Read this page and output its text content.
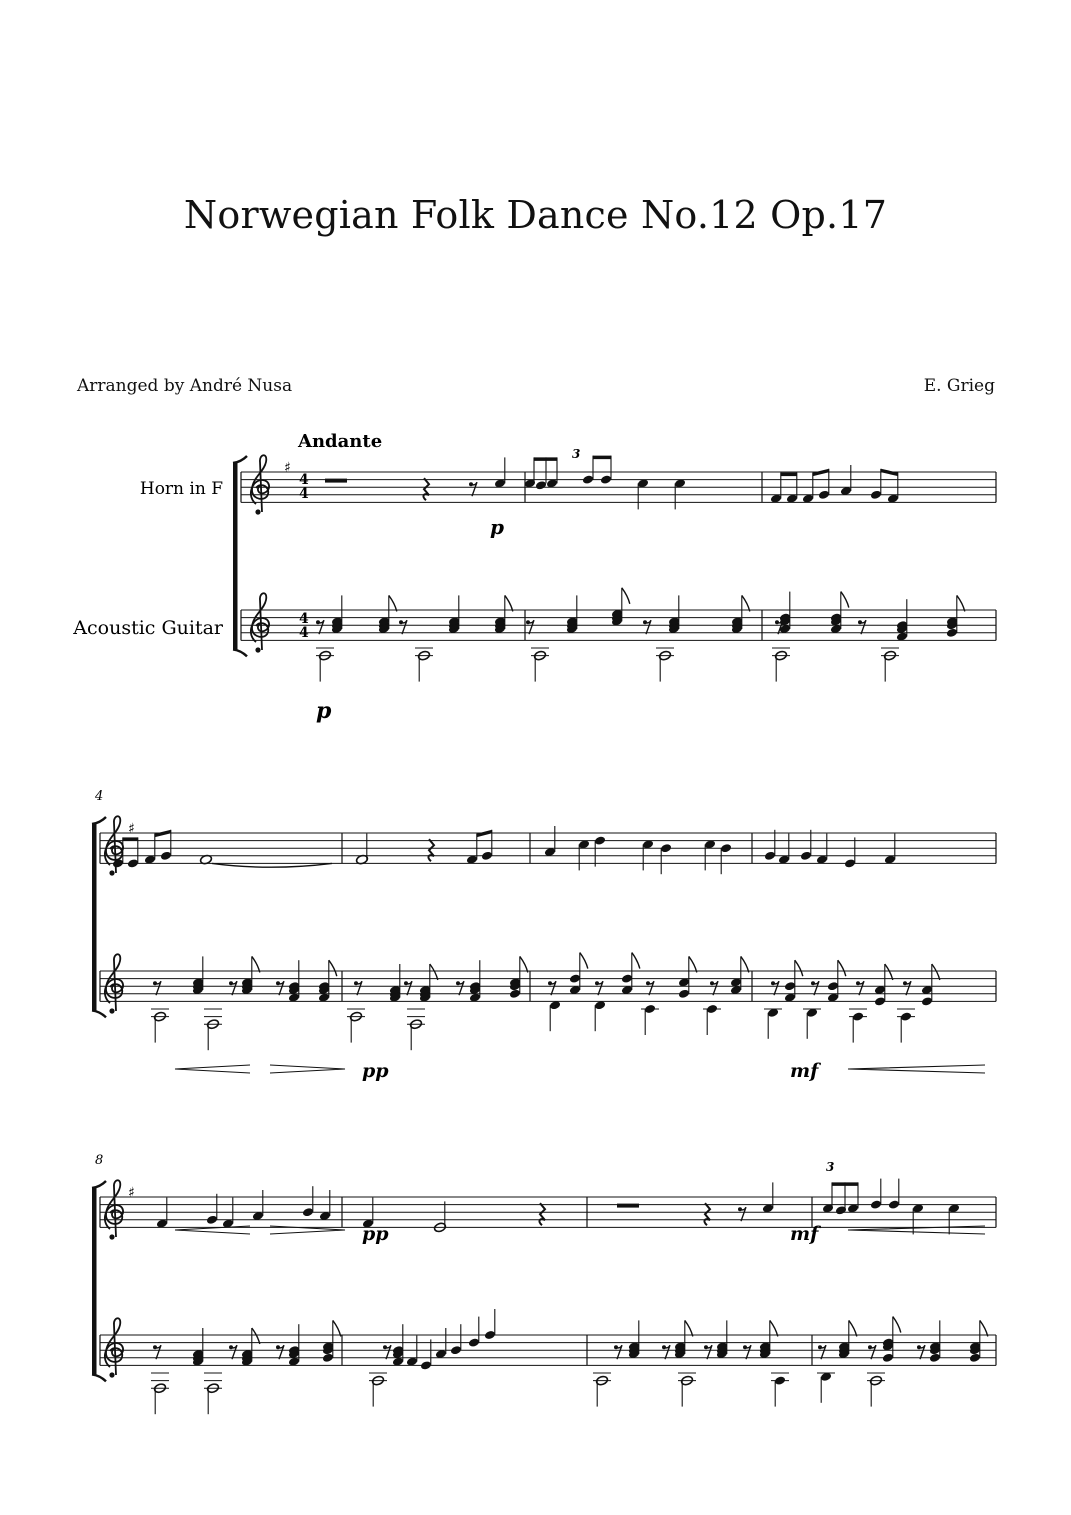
Norwegian Folk Dance No.12 Op.17
Arranged by André Nusa	E. Grieg
Horn in F
Acoustic Guitar
Andante
4
8
4
4
4
4
♯
♯
♯
3
3
p
p
pp
pp
mf
mf
